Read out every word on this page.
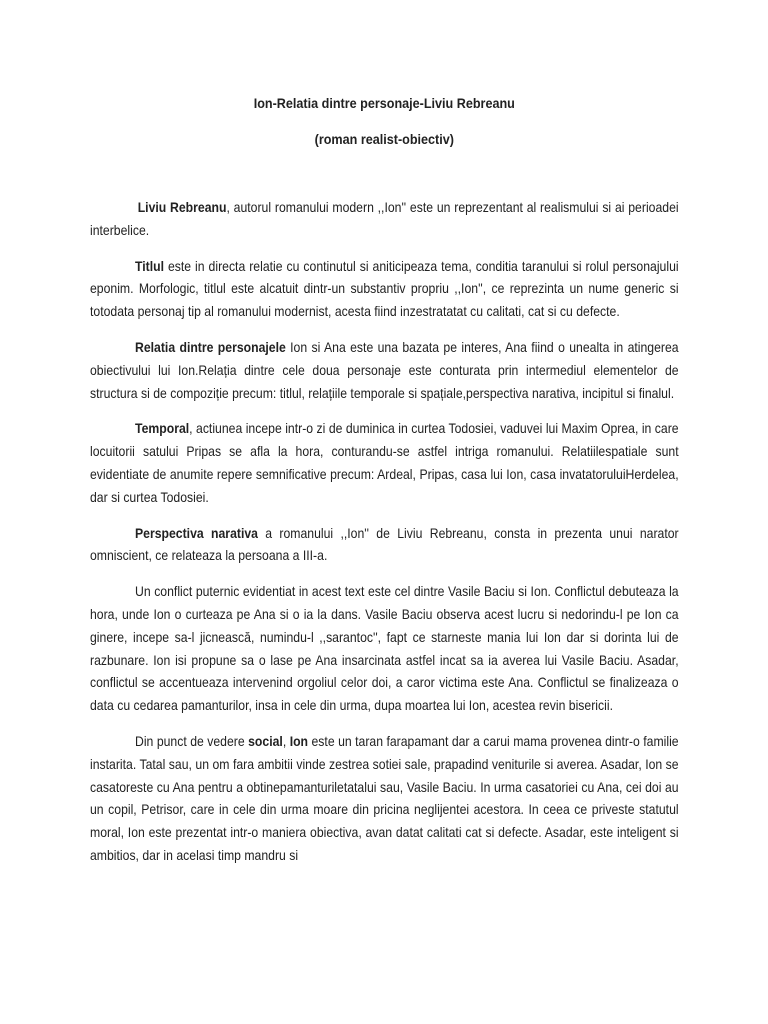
Ion-Relatia dintre personaje-Liviu Rebreanu

(roman realist-obiectiv)

Liviu Rebreanu, autorul romanului modern ,,Ion'' este un reprezentant al realismului si ai perioadei interbelice.

Titlul este in directa relatie cu continutul si aniticipeaza tema, conditia taranului si rolul personajului eponim. Morfologic, titlul este alcatuit dintr-un substantiv propriu ,,Ion'', ce reprezinta un nume generic si totodata personaj tip al romanului modernist, acesta fiind inzestratatat cu calitati, cat si cu defecte.

Relatia dintre personajele Ion si Ana este una bazata pe interes, Ana fiind o unealta in atingerea obiectivului lui Ion.Relația dintre cele doua personaje este conturata prin intermediul elementelor de structura si de compoziție precum: titlul, relațiile temporale si spațiale,perspectiva narativa, incipitul si finalul.

Temporal, actiunea incepe intr-o zi de duminica in curtea Todosiei, vaduvei lui Maxim Oprea, in care locuitorii satului Pripas se afla la hora, conturandu-se astfel intriga romanului. Relatiilespatiale sunt evidentiate de anumite repere semnificative precum: Ardeal, Pripas, casa lui Ion, casa invatatoruluiHerdelea, dar si curtea Todosiei.

Perspectiva narativa a romanului ,,Ion'' de Liviu Rebreanu, consta in prezenta unui narator omniscient, ce relateaza la persoana a III-a.

Un conflict puternic evidentiat in acest text este cel dintre Vasile Baciu si Ion. Conflictul debuteaza la hora, unde Ion o curteaza pe Ana si o ia la dans. Vasile Baciu observa acest lucru si nedorindu-l pe Ion ca ginere, incepe sa-l jicnească, numindu-l ,,sarantoc'', fapt ce starneste mania lui Ion dar si dorinta lui de razbunare. Ion isi propune sa o lase pe Ana insarcinata astfel incat sa ia averea lui Vasile Baciu. Asadar, conflictul se accentueaza intervenind orgoliul celor doi, a caror victima este Ana. Conflictul se finalizeaza o data cu cedarea pamanturilor, insa in cele din urma, dupa moartea lui Ion, acestea revin bisericii.

Din punct de vedere social, Ion este un taran farapamant dar a carui mama provenea dintr-o familie instarita. Tatal sau, un om fara ambitii vinde zestrea sotiei sale, prapadind veniturile si averea. Asadar, Ion se casatoreste cu Ana pentru a obtinepamanturiletatalui sau, Vasile Baciu. In urma casatoriei cu Ana, cei doi au un copil, Petrisor, care in cele din urma moare din pricina neglijentei acestora. In ceea ce priveste statutul moral, Ion este prezentat intr-o maniera obiectiva, avan datat calitati cat si defecte. Asadar, este inteligent si ambitios, dar in acelasi timp mandru si
